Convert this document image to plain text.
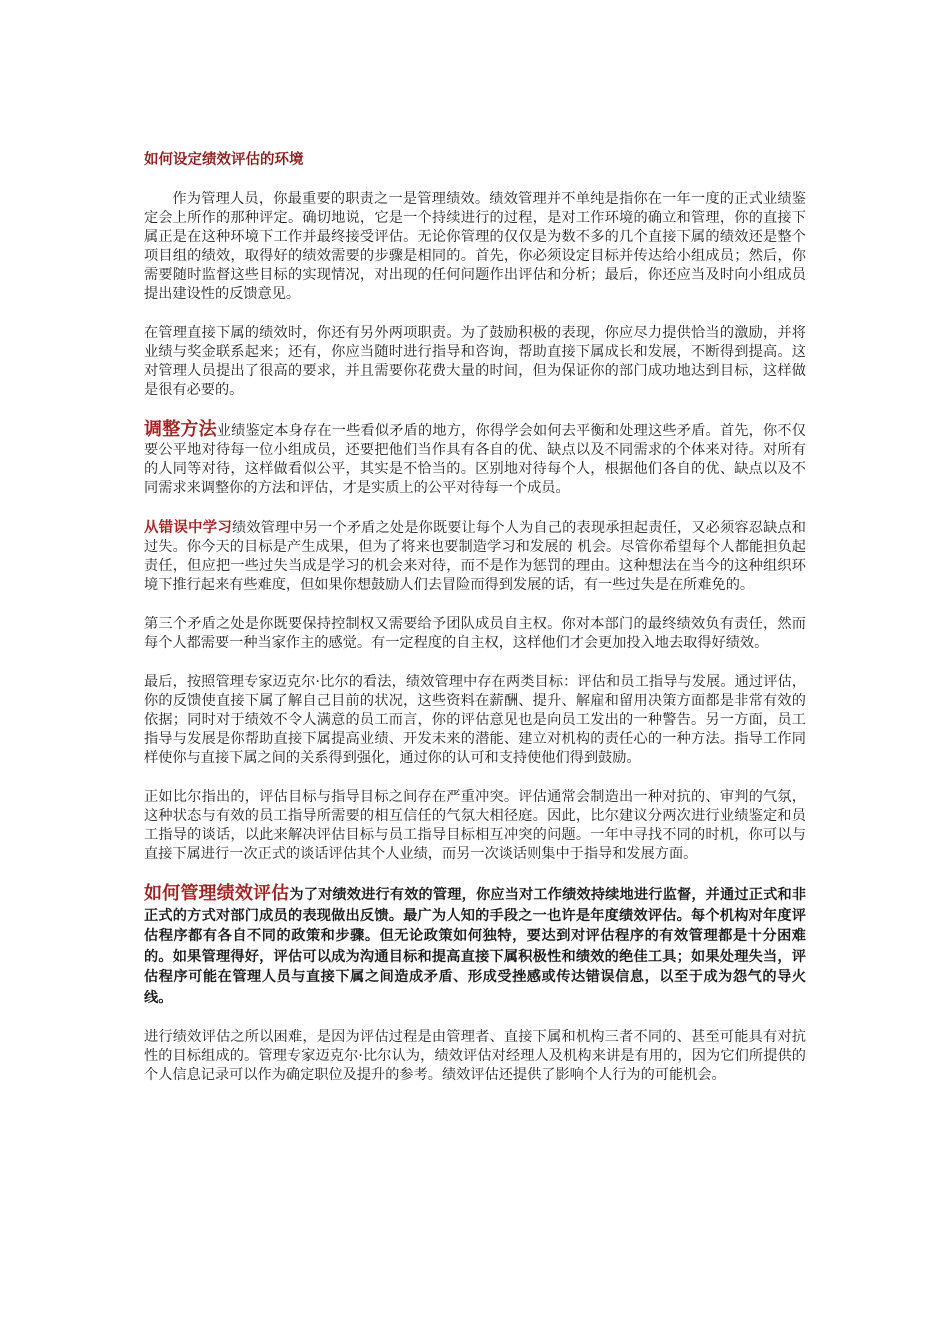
如何设定绩效评估的环境

作为管理人员，你最重要的职责之一是管理绩效。绩效管理并不单纯是指你在一年一度的正式业绩鉴定会上所作的那种评定。确切地说，它是一个持续进行的过程，是对工作环境的确立和管理，你的直接下属正是在这种环境下工作并最终接受评估。无论你管理的仅仅是为数不多的几个直接下属的绩效还是整个项目组的绩效，取得好的绩效需要的步骤是相同的。首先，你必须设定目标并传达给小组成员；然后，你需要随时监督这些目标的实现情况，对出现的任何问题作出评估和分析；最后，你还应当及时向小组成员提出建设性的反馈意见。

在管理直接下属的绩效时，你还有另外两项职责。为了鼓励积极的表现，你应尽力提供恰当的激励，并将业绩与奖金联系起来；还有，你应当随时进行指导和咨询，帮助直接下属成长和发展，不断得到提高。这对管理人员提出了很高的要求，并且需要你花费大量的时间，但为保证你的部门成功地达到目标，这样做是很有必要的。

调整方法业绩鉴定本身存在一些看似矛盾的地方，你得学会如何去平衡和处理这些矛盾。首先，你不仅要公平地对待每一位小组成员，还要把他们当作具有各自的优、缺点以及不同需求的个体来对待。对所有的人同等对待，这样做看似公平，其实是不恰当的。区别地对待每个人，根据他们各自的优、缺点以及不同需求来调整你的方法和评估，才是实质上的公平对待每一个成员。

从错误中学习绩效管理中另一个矛盾之处是你既要让每个人为自己的表现承担起责任，又必须容忍缺点和过失。你今天的目标是产生成果，但为了将来也要制造学习和发展的 机会。尽管你希望每个人都能担负起责任，但应把一些过失当成是学习的机会来对待，而不是作为惩罚的理由。这种想法在当今的这种组织环境下推行起来有些难度，但如果你想鼓励人们去冒险而得到发展的话，有一些过失是在所难免的。

第三个矛盾之处是你既要保持控制权又需要给予团队成员自主权。你对本部门的最终绩效负有责任，然而每个人都需要一种当家作主的感觉。有一定程度的自主权，这样他们才会更加投入地去取得好绩效。

最后，按照管理专家迈克尔·比尔的看法，绩效管理中存在两类目标：评估和员工指导与发展。通过评估，你的反馈使直接下属了解自己目前的状况，这些资料在薪酬、提升、解雇和留用决策方面都是非常有效的依据；同时对于绩效不令人满意的员工而言，你的评估意见也是向员工发出的一种警告。另一方面，员工指导与发展是你帮助直接下属提高业绩、开发未来的潜能、建立对机构的责任心的一种方法。指导工作同样使你与直接下属之间的关系得到强化，通过你的认可和支持使他们得到鼓励。

正如比尔指出的，评估目标与指导目标之间存在严重冲突。评估通常会制造出一种对抗的、审判的气氛，这种状态与有效的员工指导所需要的相互信任的气氛大相径庭。因此，比尔建议分两次进行业绩鉴定和员工指导的谈话，以此来解决评估目标与员工指导目标相互冲突的问题。一年中寻找不同的时机，你可以与直接下属进行一次正式的谈话评估其个人业绩，而另一次谈话则集中于指导和发展方面。

如何管理绩效评估为了对绩效进行有效的管理，你应当对工作绩效持续地进行监督，并通过正式和非正式的方式对部门成员的表现做出反馈。最广为人知的手段之一也许是年度绩效评估。每个机构对年度评估程序都有各自不同的政策和步骤。但无论政策如何独特，要达到对评估程序的有效管理都是十分困难的。如果管理得好，评估可以成为沟通目标和提高直接下属积极性和绩效的绝佳工具；如果处理失当，评估程序可能在管理人员与直接下属之间造成矛盾、形成受挫感或传达错误信息，以至于成为怨气的导火线。

进行绩效评估之所以困难，是因为评估过程是由管理者、直接下属和机构三者不同的、甚至可能具有对抗性的目标组成的。管理专家迈克尔·比尔认为，绩效评估对经理人及机构来讲是有用的，因为它们所提供的个人信息记录可以作为确定职位及提升的参考。绩效评估还提供了影响个人行为的可能机会。
